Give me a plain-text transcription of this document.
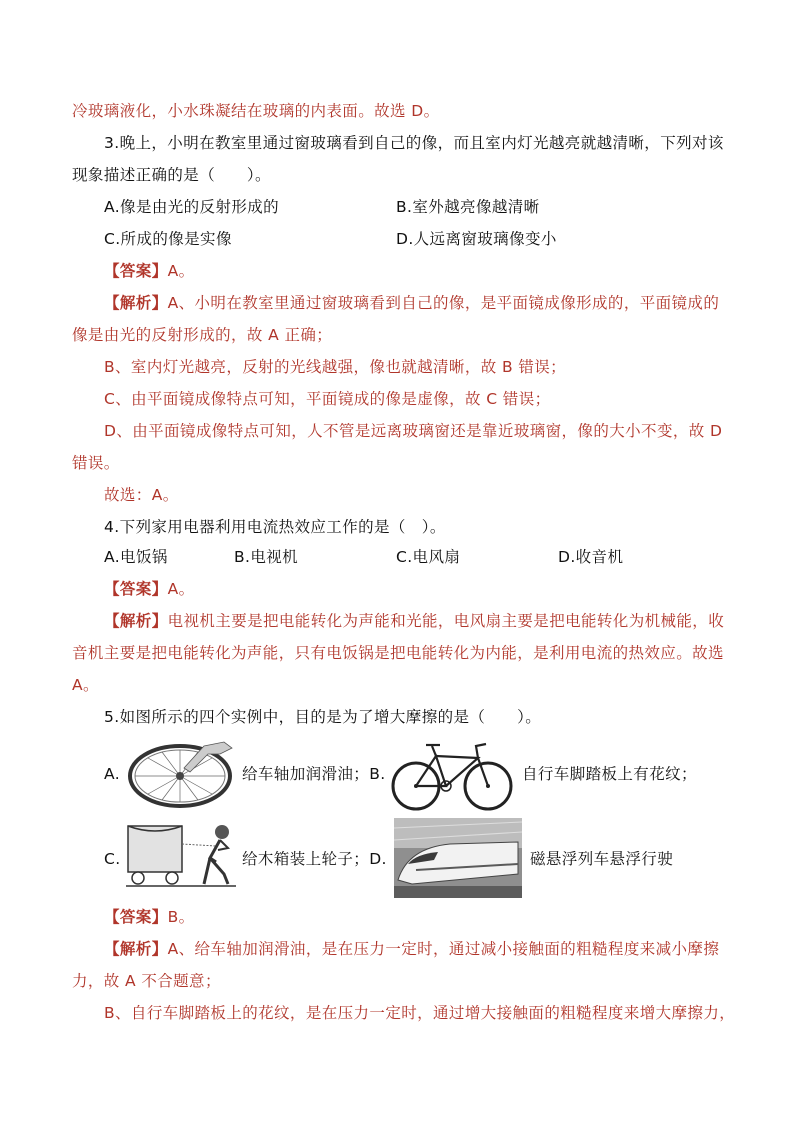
冷玻璃液化，小水珠凝结在玻璃的内表面。故选 D。
3.晚上，小明在教室里通过窗玻璃看到自己的像，而且室内灯光越亮就越清晰，下列对该
现象描述正确的是（　　）。
A.像是由光的反射形成的	B.室外越亮像越清晰
C.所成的像是实像	D.人远离窗玻璃像变小
【答案】A。
【解析】A、小明在教室里通过窗玻璃看到自己的像，是平面镜成像形成的，平面镜成的
像是由光的反射形成的，故 A 正确；
B、室内灯光越亮，反射的光线越强，像也就越清晰，故 B 错误；
C、由平面镜成像特点可知，平面镜成的像是虚像，故 C 错误；
D、由平面镜成像特点可知，人不管是远离玻璃窗还是靠近玻璃窗，像的大小不变，故 D
错误。
故选：A。
4.下列家用电器利用电流热效应工作的是（　）。
A.电饭锅	B.电视机	C.电风扇	D.收音机
【答案】A。
【解析】电视机主要是把电能转化为声能和光能，电风扇主要是把电能转化为机械能，收
音机主要是把电能转化为声能，只有电饭锅是把电能转化为内能，是利用电流的热效应。故选
A。
5.如图所示的四个实例中，目的是为了增大摩擦的是（　　）。
A.	给车轴加润滑油；B.	自行车脚踏板上有花纹；
C.	给木箱装上轮子；D.	磁悬浮列车悬浮行驶
【答案】B。
【解析】A、给车轴加润滑油，是在压力一定时，通过减小接触面的粗糙程度来减小摩擦
力，故 A 不合题意；
B、自行车脚踏板上的花纹，是在压力一定时，通过增大接触面的粗糙程度来增大摩擦力，
